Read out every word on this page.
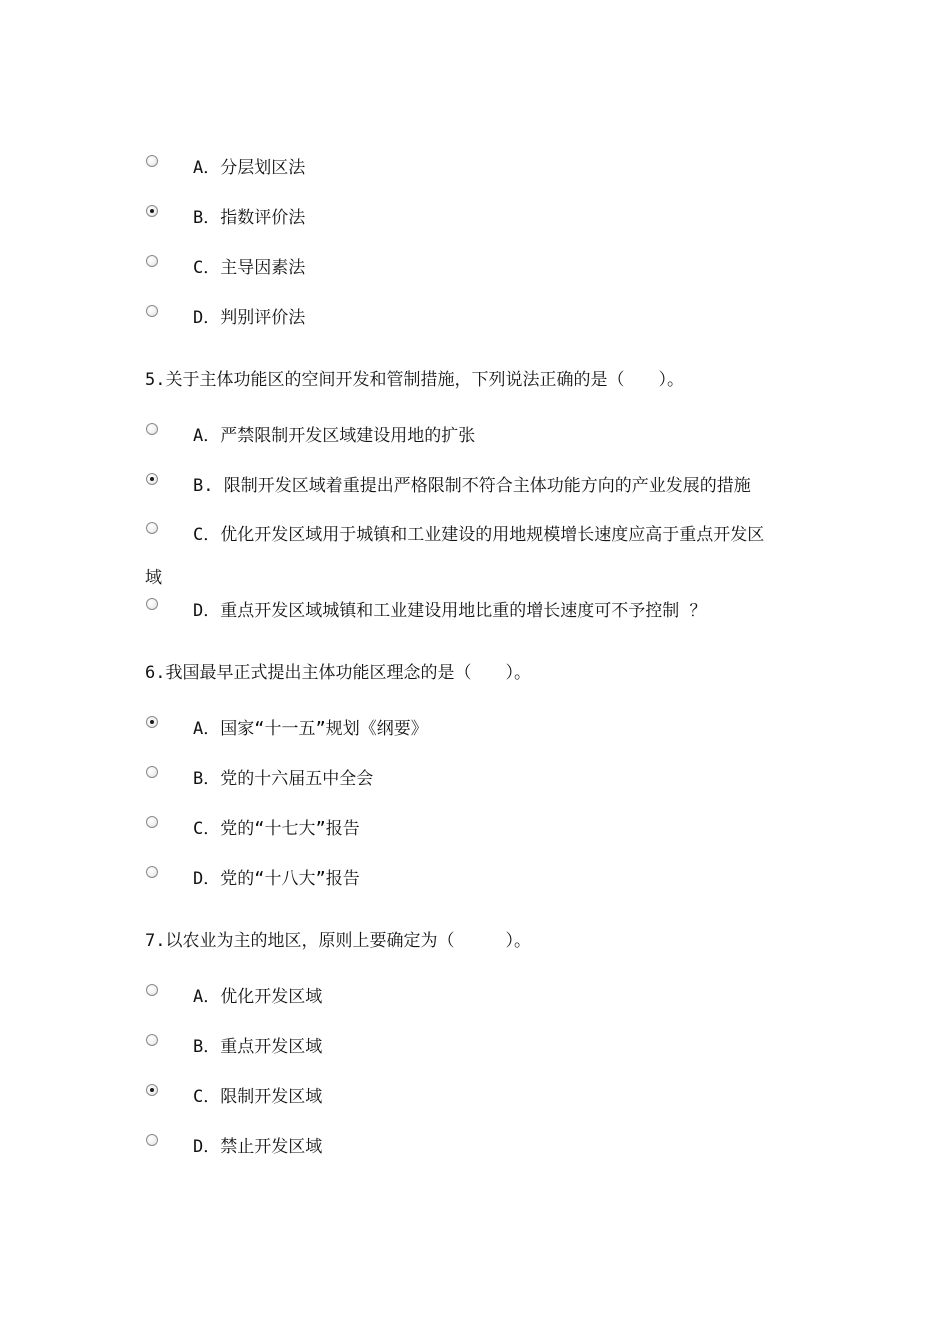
A．分层划区法
B．指数评价法
C．主导因素法
D．判别评价法
5.关于主体功能区的空间开发和管制措施，下列说法正确的是（　　）。
A．严禁限制开发区域建设用地的扩张
B. 限制开发区域着重提出严格限制不符合主体功能方向的产业发展的措施
C．优化开发区域用于城镇和工业建设的用地规模增长速度应高于重点开发区
域
D．重点开发区域城镇和工业建设用地比重的增长速度可不予控制 ？
6.我国最早正式提出主体功能区理念的是（　　）。
A．国家“十一五”规划《纲要》
B．党的十六届五中全会
C．党的“十七大”报告
D．党的“十八大”报告
7.以农业为主的地区，原则上要确定为（　　　）。
A．优化开发区域
B．重点开发区域
C．限制开发区域
D．禁止开发区域
